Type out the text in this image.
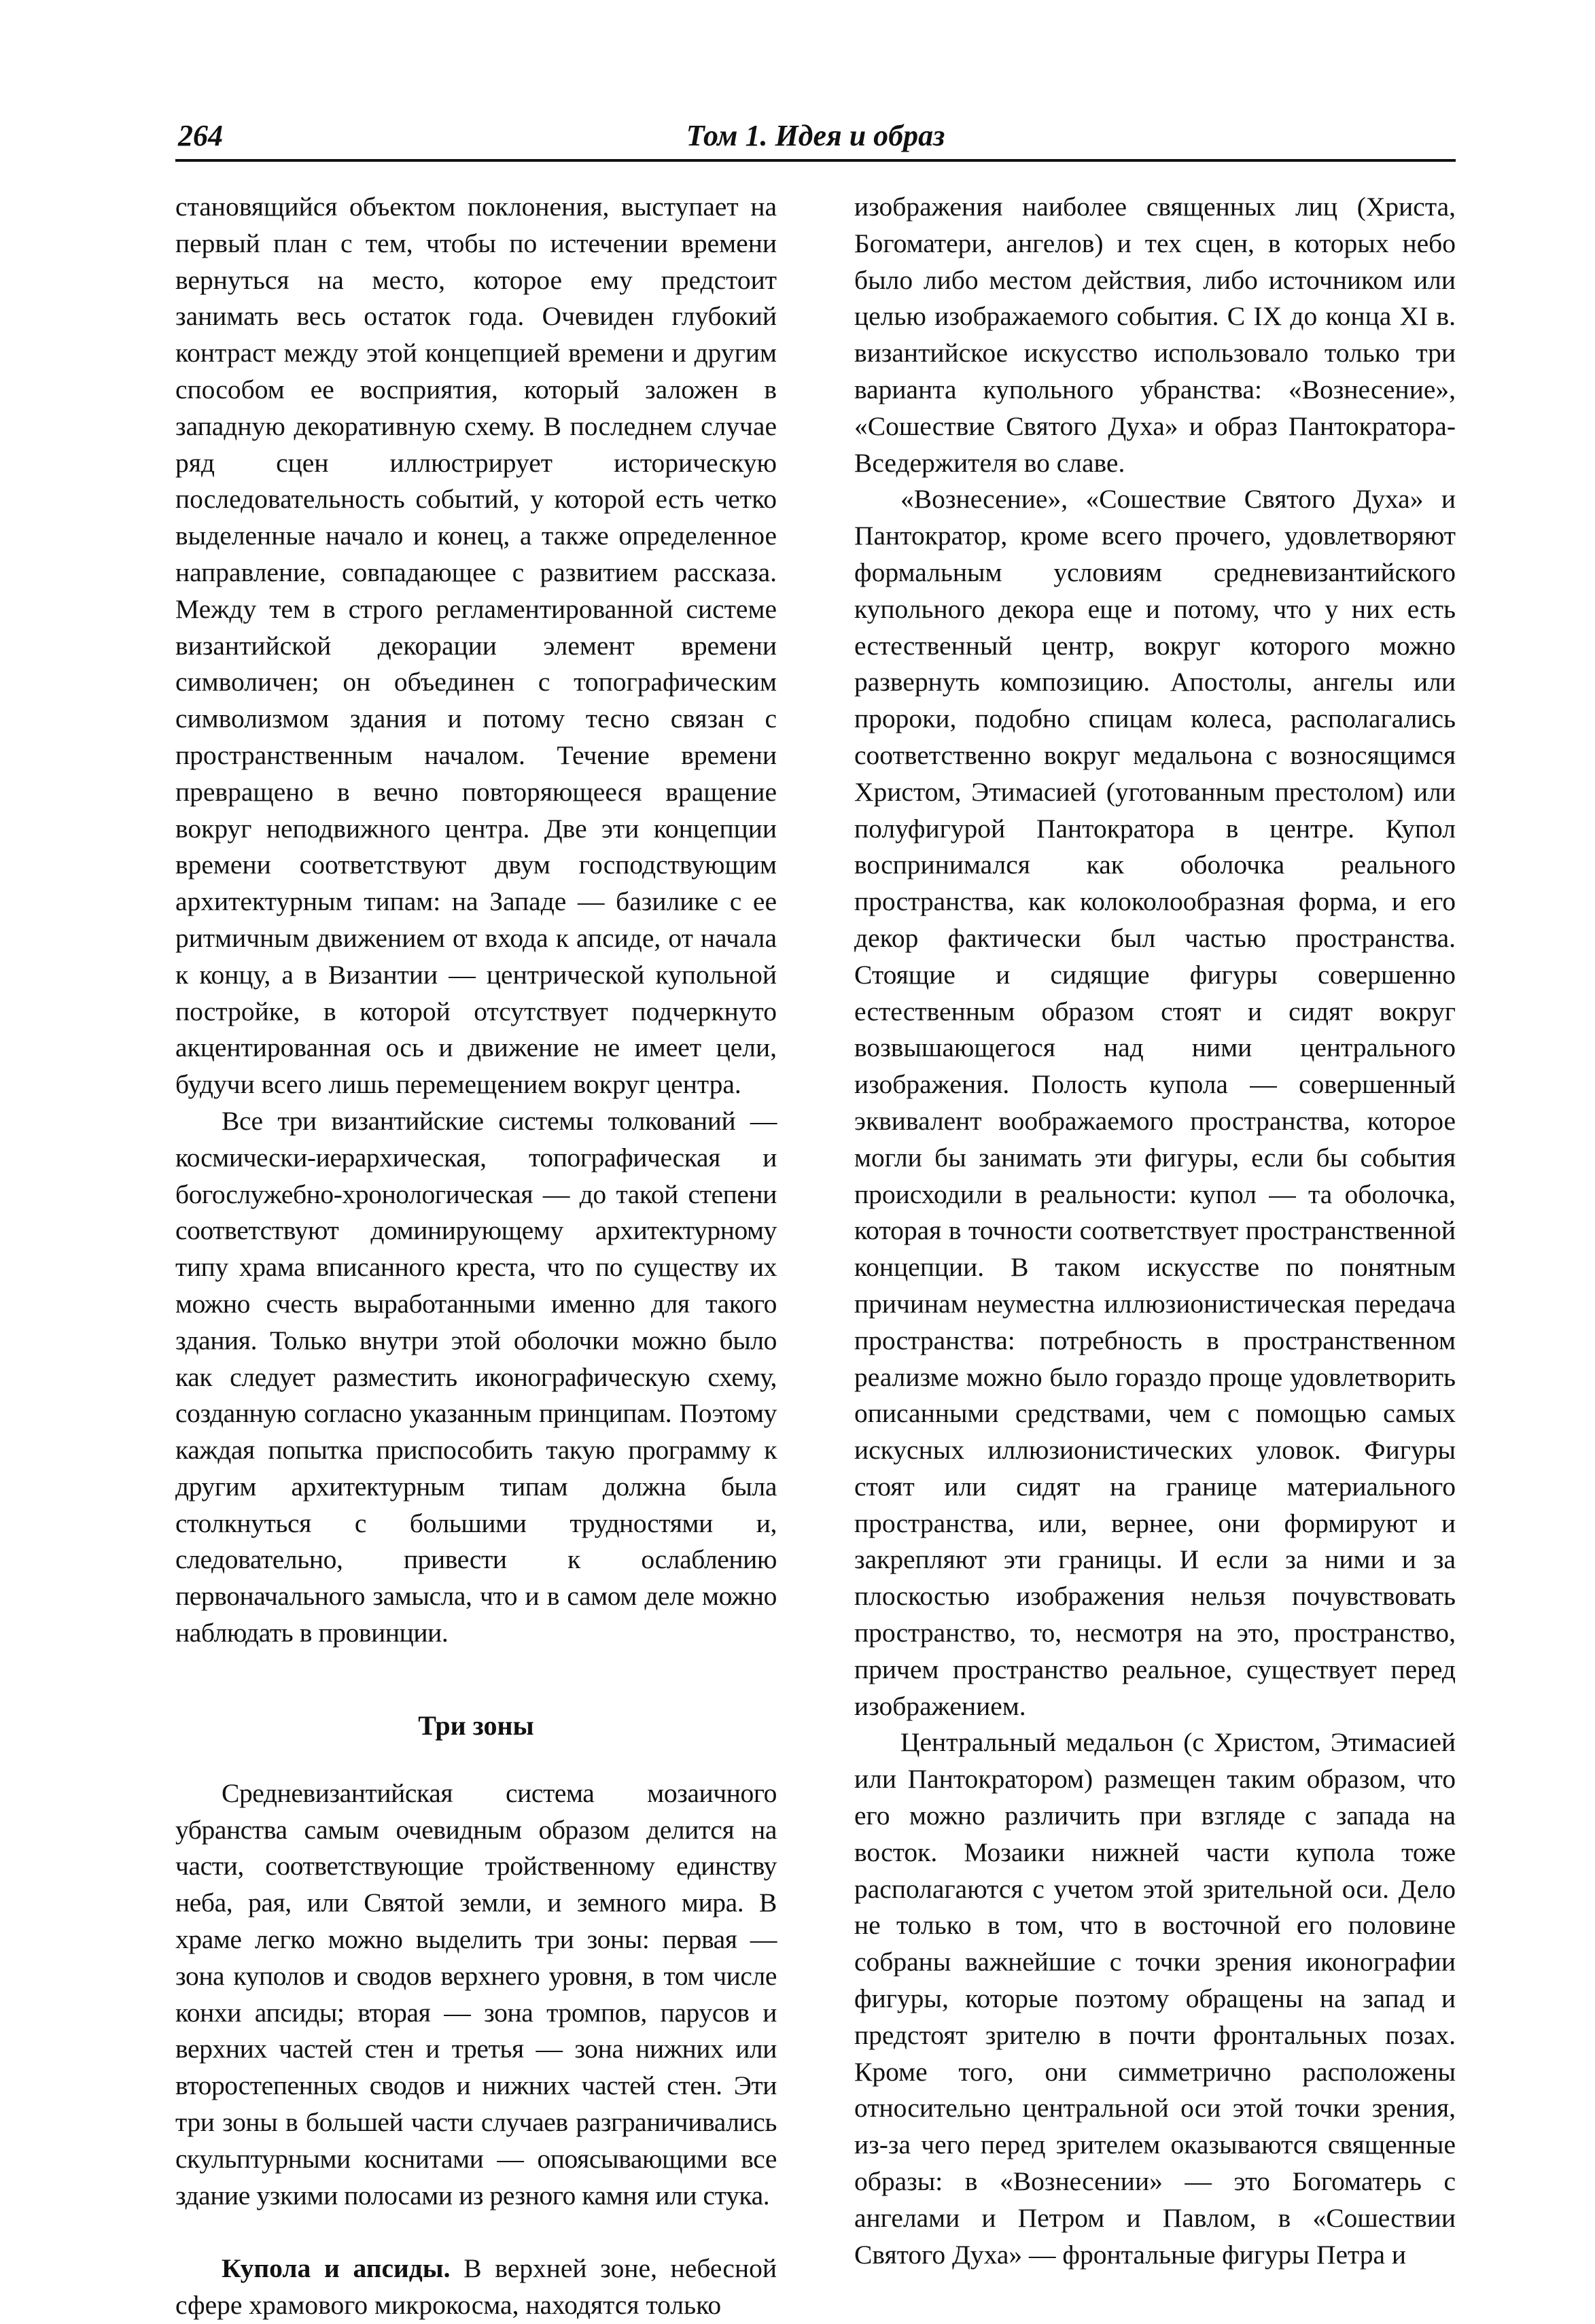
264	Том 1. Идея и образ

становящийся объектом поклонения, выступает на первый план с тем, чтобы по истечении времени вернуться на место, которое ему предстоит занимать весь остаток года. Очевиден глубокий контраст между этой концепцией времени и другим способом ее восприятия, который заложен в западную декоративную схему. В последнем случае ряд сцен иллюстрирует историческую последовательность событий, у которой есть четко выделенные начало и конец, а также определенное направление, совпадающее с развитием рассказа. Между тем в строго регламентированной системе византийской декорации элемент времени символичен; он объединен с топографическим символизмом здания и потому тесно связан с пространственным началом. Течение времени превращено в вечно повторяющееся вращение вокруг неподвижного центра. Две эти концепции времени соответствуют двум господствующим архитектурным типам: на Западе — базилике с ее ритмичным движением от входа к апсиде, от начала к концу, а в Византии — центрической купольной постройке, в которой отсутствует подчеркнуто акцентированная ось и движение не имеет цели, будучи всего лишь перемещением вокруг центра.

Все три византийские системы толкований — космически-иерархическая, топографическая и богослужебно-хронологическая — до такой степени соответствуют доминирующему архитектурному типу храма вписанного креста, что по существу их можно счесть выработанными именно для такого здания. Только внутри этой оболочки можно было как следует разместить иконографическую схему, созданную согласно указанным принципам. Поэтому каждая попытка приспособить такую программу к другим архитектурным типам должна была столкнуться с большими трудностями и, следовательно, привести к ослаблению первоначального замысла, что и в самом деле можно наблюдать в провинции.

Три зоны

Средневизантийская система мозаичного убранства самым очевидным образом делится на части, соответствующие тройственному единству неба, рая, или Святой земли, и земного мира. В храме легко можно выделить три зоны: первая — зона куполов и сводов верхнего уровня, в том числе конхи апсиды; вторая — зона тромпов, парусов и верхних частей стен и третья — зона нижних или второстепенных сводов и нижних частей стен. Эти три зоны в большей части случаев разграничивались скульптурными коснитами — опоясывающими все здание узкими полосами из резного камня или стука.

Купола и апсиды. В верхней зоне, небесной сфере храмового микрокосма, находятся только

изображения наиболее священных лиц (Христа, Богоматери, ангелов) и тех сцен, в которых небо было либо местом действия, либо источником или целью изображаемого события. С IX до конца XI в. византийское искусство использовало только три варианта купольного убранства: «Вознесение», «Сошествие Святого Духа» и образ Пантократора-Вседержителя во славе.

«Вознесение», «Сошествие Святого Духа» и Пантократор, кроме всего прочего, удовлетворяют формальным условиям средневизантийского купольного декора еще и потому, что у них есть естественный центр, вокруг которого можно развернуть композицию. Апостолы, ангелы или пророки, подобно спицам колеса, располагались соответственно вокруг медальона с возносящимся Христом, Этимасией (уготованным престолом) или полуфигурой Пантократора в центре. Купол воспринимался как оболочка реального пространства, как колоколообразная форма, и его декор фактически был частью пространства. Стоящие и сидящие фигуры совершенно естественным образом стоят и сидят вокруг возвышающегося над ними центрального изображения. Полость купола — совершенный эквивалент воображаемого пространства, которое могли бы занимать эти фигуры, если бы события происходили в реальности: купол — та оболочка, которая в точности соответствует пространственной концепции. В таком искусстве по понятным причинам неуместна иллюзионистическая передача пространства: потребность в пространственном реализме можно было гораздо проще удовлетворить описанными средствами, чем с помощью самых искусных иллюзионистических уловок. Фигуры стоят или сидят на границе материального пространства, или, вернее, они формируют и закрепляют эти границы. И если за ними и за плоскостью изображения нельзя почувствовать пространство, то, несмотря на это, пространство, причем пространство реальное, существует перед изображением.

Центральный медальон (с Христом, Этимасией или Пантократором) размещен таким образом, что его можно различить при взгляде с запада на восток. Мозаики нижней части купола тоже располагаются с учетом этой зрительной оси. Дело не только в том, что в восточной его половине собраны важнейшие с точки зрения иконографии фигуры, которые поэтому обращены на запад и предстоят зрителю в почти фронтальных позах. Кроме того, они симметрично расположены относительно центральной оси этой точки зрения, из-за чего перед зрителем оказываются священные образы: в «Вознесении» — это Богоматерь с ангелами и Петром и Павлом, в «Сошествии Святого Духа» — фронтальные фигуры Петра и
